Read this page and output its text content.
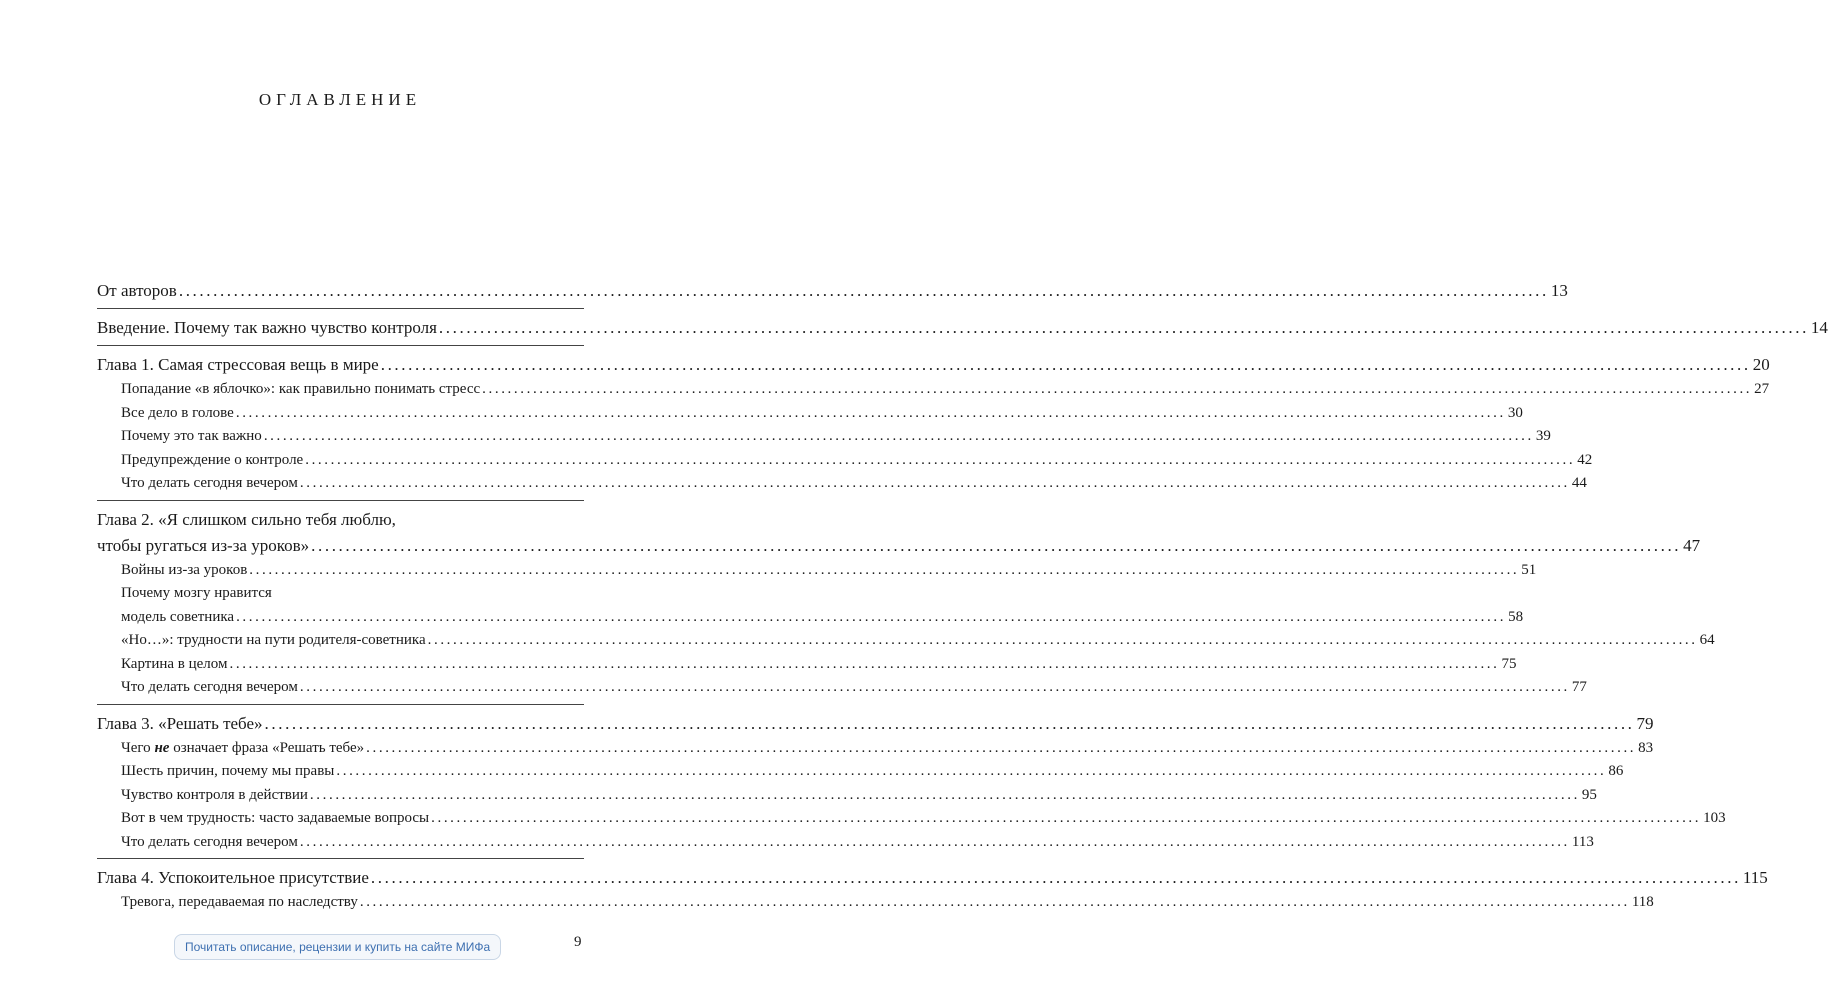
ОГЛАВЛЕНИЕ
От авторов ........................................................................................................................................................................................................ 13
Введение. Почему так важно чувство контроля ........................................................................................................................................................................................................ 14
Глава 1. Самая стрессовая вещь в мире ........................................................................................................................................................................................................ 20
Попадание «в яблочко»: как правильно понимать стресс ........................................................................................................................................................................................................ 27
Все дело в голове ........................................................................................................................................................................................................ 30
Почему это так важно ........................................................................................................................................................................................................ 39
Предупреждение о контроле ........................................................................................................................................................................................................ 42
Что делать сегодня вечером ........................................................................................................................................................................................................ 44
Глава 2. «Я слишком сильно тебя люблю,
чтобы ругаться из-за уроков» ........................................................................................................................................................................................................ 47
Войны из-за уроков ........................................................................................................................................................................................................ 51
Почему мозгу нравится
модель советника ........................................................................................................................................................................................................ 58
«Но…»: трудности на пути родителя-советника ........................................................................................................................................................................................................ 64
Картина в целом ........................................................................................................................................................................................................ 75
Что делать сегодня вечером ........................................................................................................................................................................................................ 77
Глава 3. «Решать тебе» ........................................................................................................................................................................................................ 79
Чего не означает фраза «Решать тебе» ........................................................................................................................................................................................................ 83
Шесть причин, почему мы правы ........................................................................................................................................................................................................ 86
Чувство контроля в действии ........................................................................................................................................................................................................ 95
Вот в чем трудность: часто задаваемые вопросы ........................................................................................................................................................................................................ 103
Что делать сегодня вечером ........................................................................................................................................................................................................ 113
Глава 4. Успокоительное присутствие ........................................................................................................................................................................................................ 115
Тревога, передаваемая по наследству ........................................................................................................................................................................................................ 118
Почитать описание, рецензии и купить на сайте МИФа	9
